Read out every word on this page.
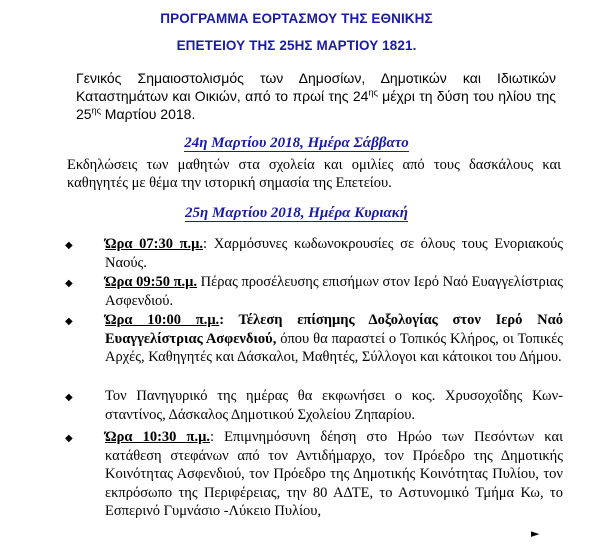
ΠΡΟΓΡΑΜΜΑ ΕΟΡΤΑΣΜΟΥ ΤΗΣ ΕΘΝΙΚΗΣ
ΕΠΕΤΕΙΟΥ ΤΗΣ 25ΗΣ ΜΑΡΤΙΟΥ 1821.
Γενικός Σημαιοστολισμός των Δημοσίων, Δημοτικών και Ιδιωτικών Καταστημάτων και Οικιών, από το πρωί της $24^{\eta\varsigma}$ μέχρι τη δύση του ηλίου της $25^{\eta\varsigma}$ Μαρτίου 2018.
24η Μαρτίου 2018, Ημέρα Σάββατο
Εκδηλώσεις των μαθητών στα σχολεία και ομιλίες από τους δασκάλους και καθηγητές με θέμα την ιστορική σημασία της Επετείου.
25η Μαρτίου 2018, Ημέρα Κυριακή
◆ Ώρα 07:30 π.μ.: Χαρμόσυνες κωδωνοκρουσίες σε όλους τους Ενοριακούς Ναούς.
◆ Ώρα 09:50 π.μ. Πέρας προσέλευσης επισήμων στον Ιερό Ναό Ευαγγελίστριας Ασφενδιού.
◆ Ώρα 10:00 π.μ.: Τέλεση επίσημης Δοξολογίας στον Ιερό Ναό Ευαγγελίστριας Ασφενδιού, όπου θα παραστεί ο Τοπικός Κλήρος, οι Τοπικές Αρχές, Καθηγητές και Δάσκαλοι, Μαθητές, Σύλλογοι και κάτοικοι του Δήμου.
◆ Τον Πανηγυρικό της ημέρας θα εκφωνήσει ο κος. Χρυσοχοΐδης Κωνσταντίνος, Δάσκαλος Δημοτικού Σχολείου Ζηπαρίου.
◆ Ώρα 10:30 π.μ.: Επιμνημόσυνη δέηση στο Ηρώο των Πεσόντων και κατάθεση στεφάνων από τον Αντιδήμαρχο, τον Πρόεδρο της Δημοτικής Κοινότητας Ασφενδιού, τον Πρόεδρο της Δημοτικής Κοινότητας Πυλίου, τον εκπρόσωπο της Περιφέρειας, την 80 ΑΔΤΕ, το Αστυνομικό Τμήμα Κω, το Εσπερινό Γυμνάσιο -Λύκειο Πυλίου,
►
